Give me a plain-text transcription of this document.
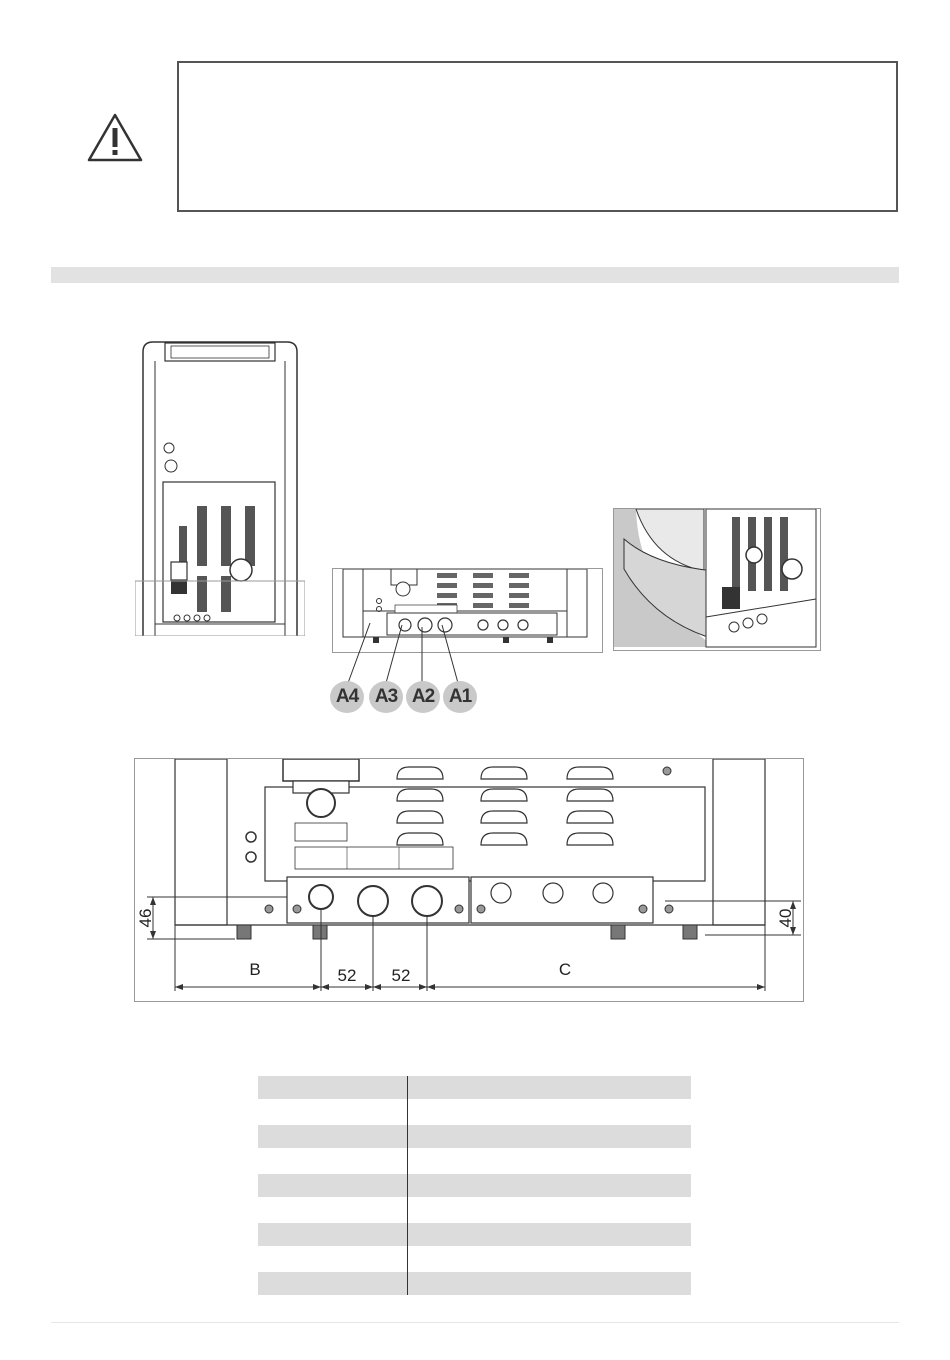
A4 A3 A2 A1
46	40
B	52 52	C
